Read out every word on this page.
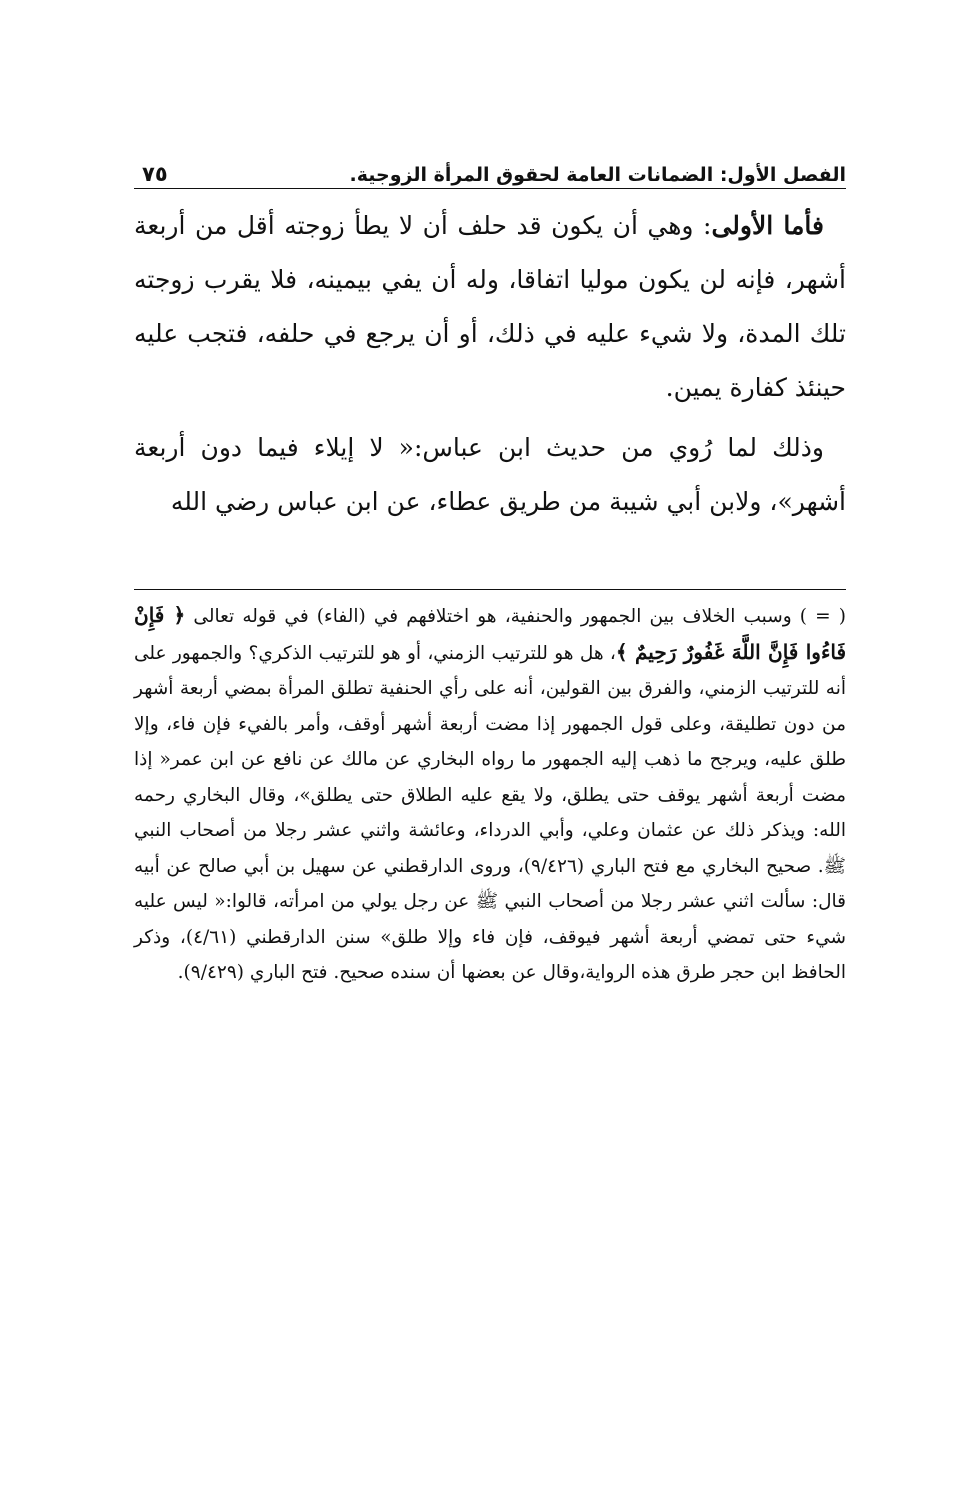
الفصل الأول: الضمانات العامة لحقوق المرأة الزوجية.
٧٥

فأما الأولى: وهي أن يكون قد حلف أن لا يطأ زوجته أقل من أربعة أشهر، فإنه لن يكون موليا اتفاقا، وله أن يفي بيمينه، فلا يقرب زوجته تلك المدة، ولا شيء عليه في ذلك، أو أن يرجع في حلفه، فتجب عليه حينئذ كفارة يمين.

وذلك لما رُوي من حديث ابن عباس:« لا إيلاء فيما دون أربعة أشهر»، ولابن أبي شيبة من طريق عطاء، عن ابن عباس رضي الله

( = ) وسبب الخلاف بين الجمهور والحنفية، هو اختلافهم في (الفاء) في قوله تعالى ﴿ فَإِنْ فَاءُوا فَإِنَّ اللَّهَ غَفُورٌ رَحِيمٌ ﴾، هل هو للترتيب الزمني، أو هو للترتيب الذكري؟ والجمهور على أنه للترتيب الزمني، والفرق بين القولين، أنه على رأي الحنفية تطلق المرأة بمضي أربعة أشهر من دون تطليقة، وعلى قول الجمهور إذا مضت أربعة أشهر أوقف، وأمر بالفيء فإن فاء، وإلا طلق عليه، ويرجح ما ذهب إليه الجمهور ما رواه البخاري عن مالك عن نافع عن ابن عمر« إذا مضت أربعة أشهر يوقف حتى يطلق، ولا يقع عليه الطلاق حتى يطلق»، وقال البخاري رحمه الله: ويذكر ذلك عن عثمان وعلي، وأبي الدرداء، وعائشة واثني عشر رجلا من أصحاب النبي ﷺ. صحيح البخاري مع فتح الباري (٩/٤٢٦)، وروى الدارقطني عن سهيل بن أبي صالح عن أبيه قال: سألت اثني عشر رجلا من أصحاب النبي ﷺ عن رجل يولي من امرأته، قالوا:« ليس عليه شيء حتى تمضي أربعة أشهر فيوقف، فإن فاء وإلا طلق» سنن الدارقطني (٤/٦١)، وذكر الحافظ ابن حجر طرق هذه الرواية،وقال عن بعضها أن سنده صحيح. فتح الباري (٩/٤٢٩).
